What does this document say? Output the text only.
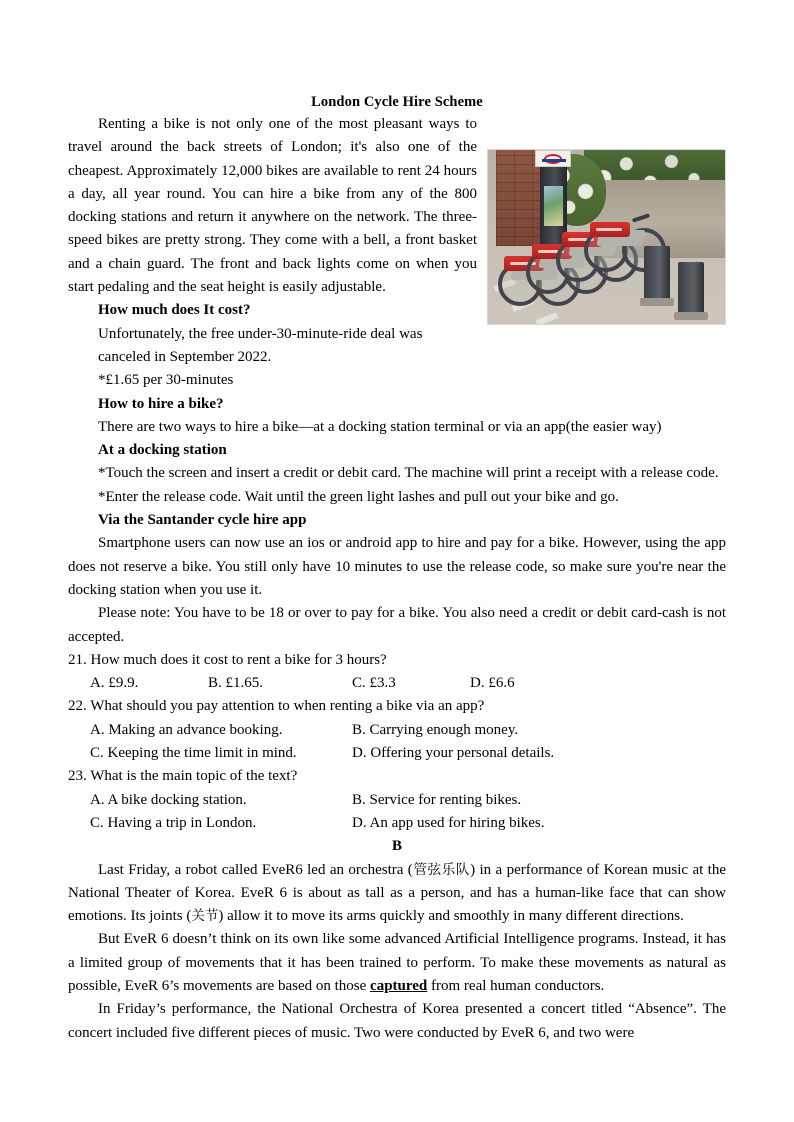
London Cycle Hire Scheme

Renting a bike is not only one of the most pleasant ways to travel around the back streets of London; it's also one of the cheapest. Approximately 12,000 bikes are available to rent 24 hours a day, all year round. You can hire a bike from any of the 800 docking stations and return it anywhere on the network. The three-speed bikes are pretty strong. They come with a bell, a front basket and a chain guard. The front and back lights come on when you start pedaling and the seat height is easily adjustable.

How much does It cost?
Unfortunately, the free under-30-minute-ride deal was canceled in September 2022.
*£1.65 per 30-minutes
How to hire a bike?
There are two ways to hire a bike—at a docking station terminal or via an app(the easier way)
At a docking station

*Touch the screen and insert a credit or debit card. The machine will print a receipt with a release code.

*Enter the release code. Wait until the green light lashes and pull out your bike and go.

Via the Santander cycle hire app

Smartphone users can now use an ios or android app to hire and pay for a bike. However, using the app does not reserve a bike. You still only have 10 minutes to use the release code, so make sure you're near the docking station when you use it.

Please note: You have to be 18 or over to pay for a bike. You also need a credit or debit card-cash is not accepted.

21. How much does it cost to rent a bike for 3 hours?
A. £9.9.	B. £1.65.	C. £3.3	D. £6.6
22. What should you pay attention to when renting a bike via an app?
A. Making an advance booking.	B. Carrying enough money.
C. Keeping the time limit in mind.	D. Offering your personal details.
23. What is the main topic of the text?
A. A bike docking station.	B. Service for renting bikes.
C. Having a trip in London.	D. An app used for hiring bikes.
B

Last Friday, a robot called EveR6 led an orchestra (管弦乐队) in a performance of Korean music at the National Theater of Korea. EveR 6 is about as tall as a person, and has a human-like face that can show emotions. Its joints (关节) allow it to move its arms quickly and smoothly in many different directions.

But EveR 6 doesn’t think on its own like some advanced Artificial Intelligence programs. Instead, it has a limited group of movements that it has been trained to perform. To make these movements as natural as possible, EveR 6’s movements are based on those captured from real human conductors.

In Friday’s performance, the National Orchestra of Korea presented a concert titled “Absence”. The concert included five different pieces of music. Two were conducted by EveR 6, and two were
